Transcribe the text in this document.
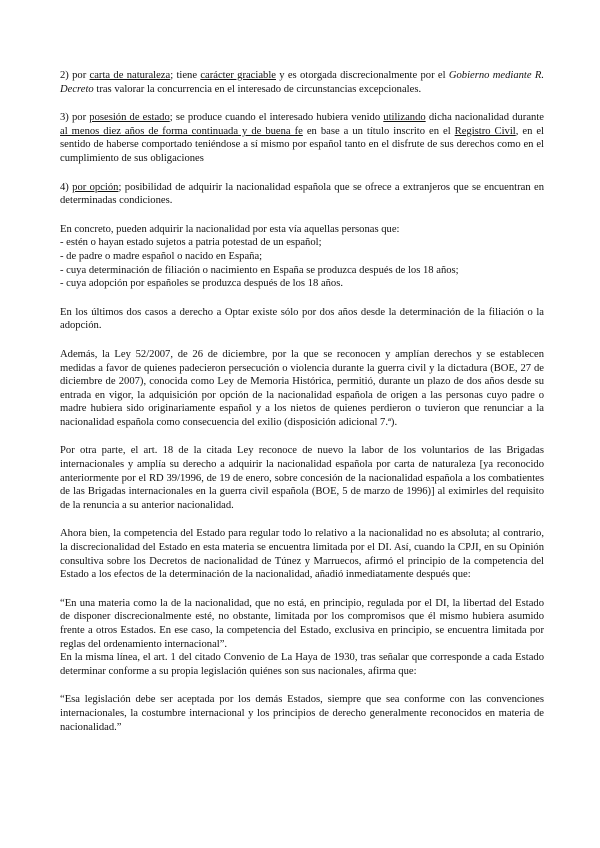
2) por carta de naturaleza; tiene carácter graciable y es otorgada discrecionalmente por el Gobierno mediante R. Decreto tras valorar la concurrencia en el interesado de circunstancias excepcionales.

3) por posesión de estado; se produce cuando el interesado hubiera venido utilizando dicha nacionalidad durante al menos diez años de forma continuada y de buena fe en base a un título inscrito en el Registro Civil, en el sentido de haberse comportado teniéndose a sí mismo por español tanto en el disfrute de sus derechos como en el cumplimiento de sus obligaciones

4) por opción; posibilidad de adquirir la nacionalidad española que se ofrece a extranjeros que se encuentran en determinadas condiciones.

En concreto, pueden adquirir la nacionalidad por esta vía aquellas personas que:

- estén o hayan estado sujetos a patria potestad de un español;

- de padre o madre español o nacido en España;

- cuya determinación de filiación o nacimiento en España se produzca después de los 18 años;

- cuya adopción por españoles se produzca después de los 18 años.

En los últimos dos casos a derecho a Optar existe sólo por dos años desde la determinación de la filiación o la adopción.

Además, la Ley 52/2007, de 26 de diciembre, por la que se reconocen y amplían derechos y se establecen medidas a favor de quienes padecieron persecución o violencia durante la guerra civil y la dictadura (BOE, 27 de diciembre de 2007), conocida como Ley de Memoria Histórica, permitió, durante un plazo de dos años desde su entrada en vigor, la adquisición por opción de la nacionalidad española de origen a las personas cuyo padre o madre hubiera sido originariamente español y a los nietos de quienes perdieron o tuvieron que renunciar a la nacionalidad española como consecuencia del exilio (disposición adicional 7.ª).

Por otra parte, el art. 18 de la citada Ley reconoce de nuevo la labor de los voluntarios de las Brigadas internacionales y amplía su derecho a adquirir la nacionalidad española por carta de naturaleza [ya reconocido anteriormente por el RD 39/1996, de 19 de enero, sobre concesión de la nacionalidad española a los combatientes de las Brigadas internacionales en la guerra civil española (BOE, 5 de marzo de 1996)] al eximirles del requisito de la renuncia a su anterior nacionalidad.

Ahora bien, la competencia del Estado para regular todo lo relativo a la nacionalidad no es absoluta; al contrario, la discrecionalidad del Estado en esta materia se encuentra limitada por el DI. Así, cuando la CPJI, en su Opinión consultiva sobre los Decretos de nacionalidad de Túnez y Marruecos, afirmó el principio de la competencia del Estado a los efectos de la determinación de la nacionalidad, añadió inmediatamente después que:

“En una materia como la de la nacionalidad, que no está, en principio, regulada por el DI, la libertad del Estado de disponer discrecionalmente esté, no obstante, limitada por los compromisos que él mismo hubiera asumido frente a otros Estados. En ese caso, la competencia del Estado, exclusiva en principio, se encuentra limitada por reglas del ordenamiento internacional”.

En la misma línea, el art. 1 del citado Convenio de La Haya de 1930, tras señalar que corresponde a cada Estado determinar conforme a su propia legislación quiénes son sus nacionales, afirma que:

“Esa legislación debe ser aceptada por los demás Estados, siempre que sea conforme con las convenciones internacionales, la costumbre internacional y los principios de derecho generalmente reconocidos en materia de nacionalidad.”
